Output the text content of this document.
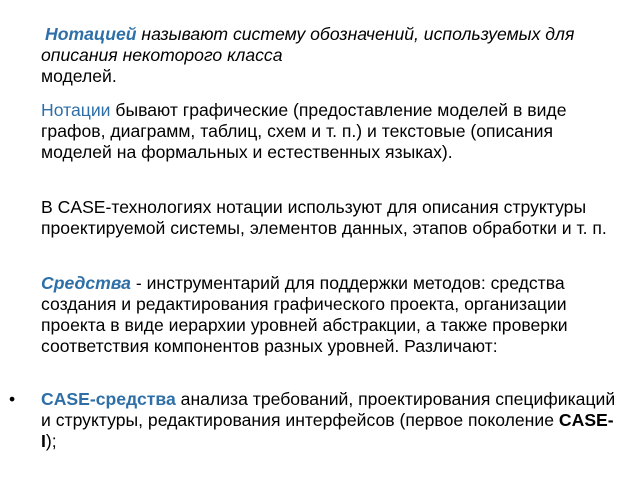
Нотацией называют систему обозначений, используемых для описания некоторого класса
моделей.

Нотации бывают графические (предоставление моделей в виде графов, диаграмм, таблиц, схем и т. п.) и текстовые (описания моделей на формальных и естественных языках).

В CASE-технологиях нотации используют для описания структуры проектируемой системы, элементов данных, этапов обработки и т. п.

Средства - инструментарий для поддержки методов: средства создания и редактирования графического проекта, организации проекта в виде иерархии уровней абстракции, а также проверки соответствия компонентов разных уровней. Различают:

• CASE-средства анализа требований, проектирования спецификаций и структуры, редактирования интерфейсов (первое поколение CASE-I);
